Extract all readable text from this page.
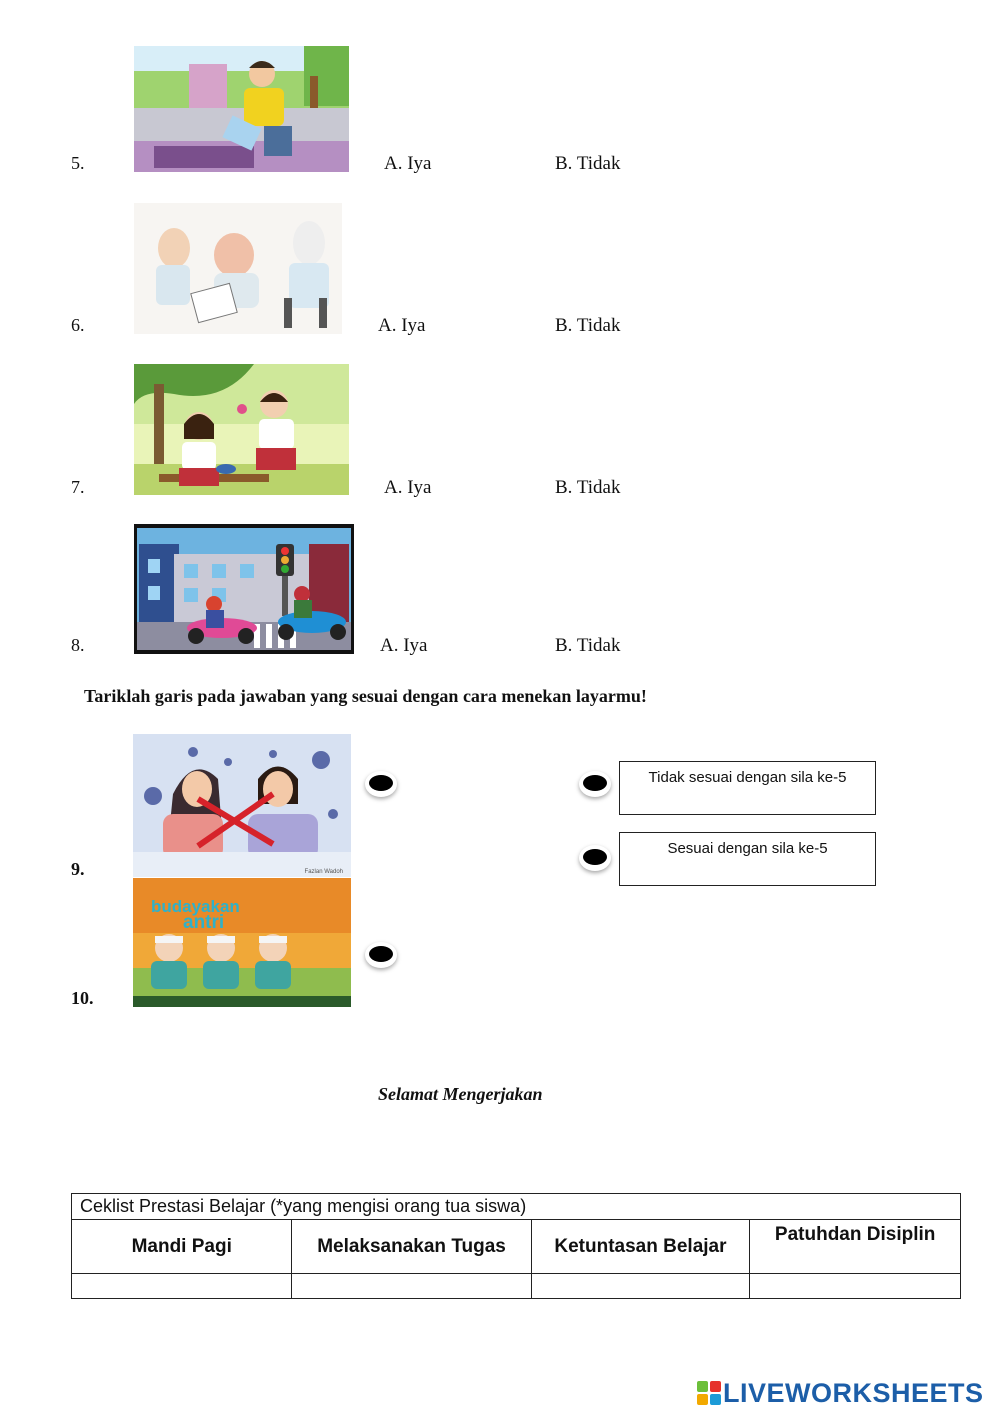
5.	A. Iya	B. Tidak
6.	A. Iya	B. Tidak
7.	A. Iya	B. Tidak
8.	A. Iya	B. Tidak
Tariklah garis pada jawaban yang sesuai dengan cara menekan layarmu!
Fazlan Wadoh
9.
budayakan
antri
10.
Tidak sesuai dengan sila ke-5
Sesuai dengan sila ke-5
Selamat Mengerjakan
Ceklist Prestasi Belajar (*yang mengisi orang tua siswa)			
Mandi Pagi	Melaksanakan Tugas	Ketuntasan Belajar	Patuhdan Disiplin

LIVEWORKSHEETS
